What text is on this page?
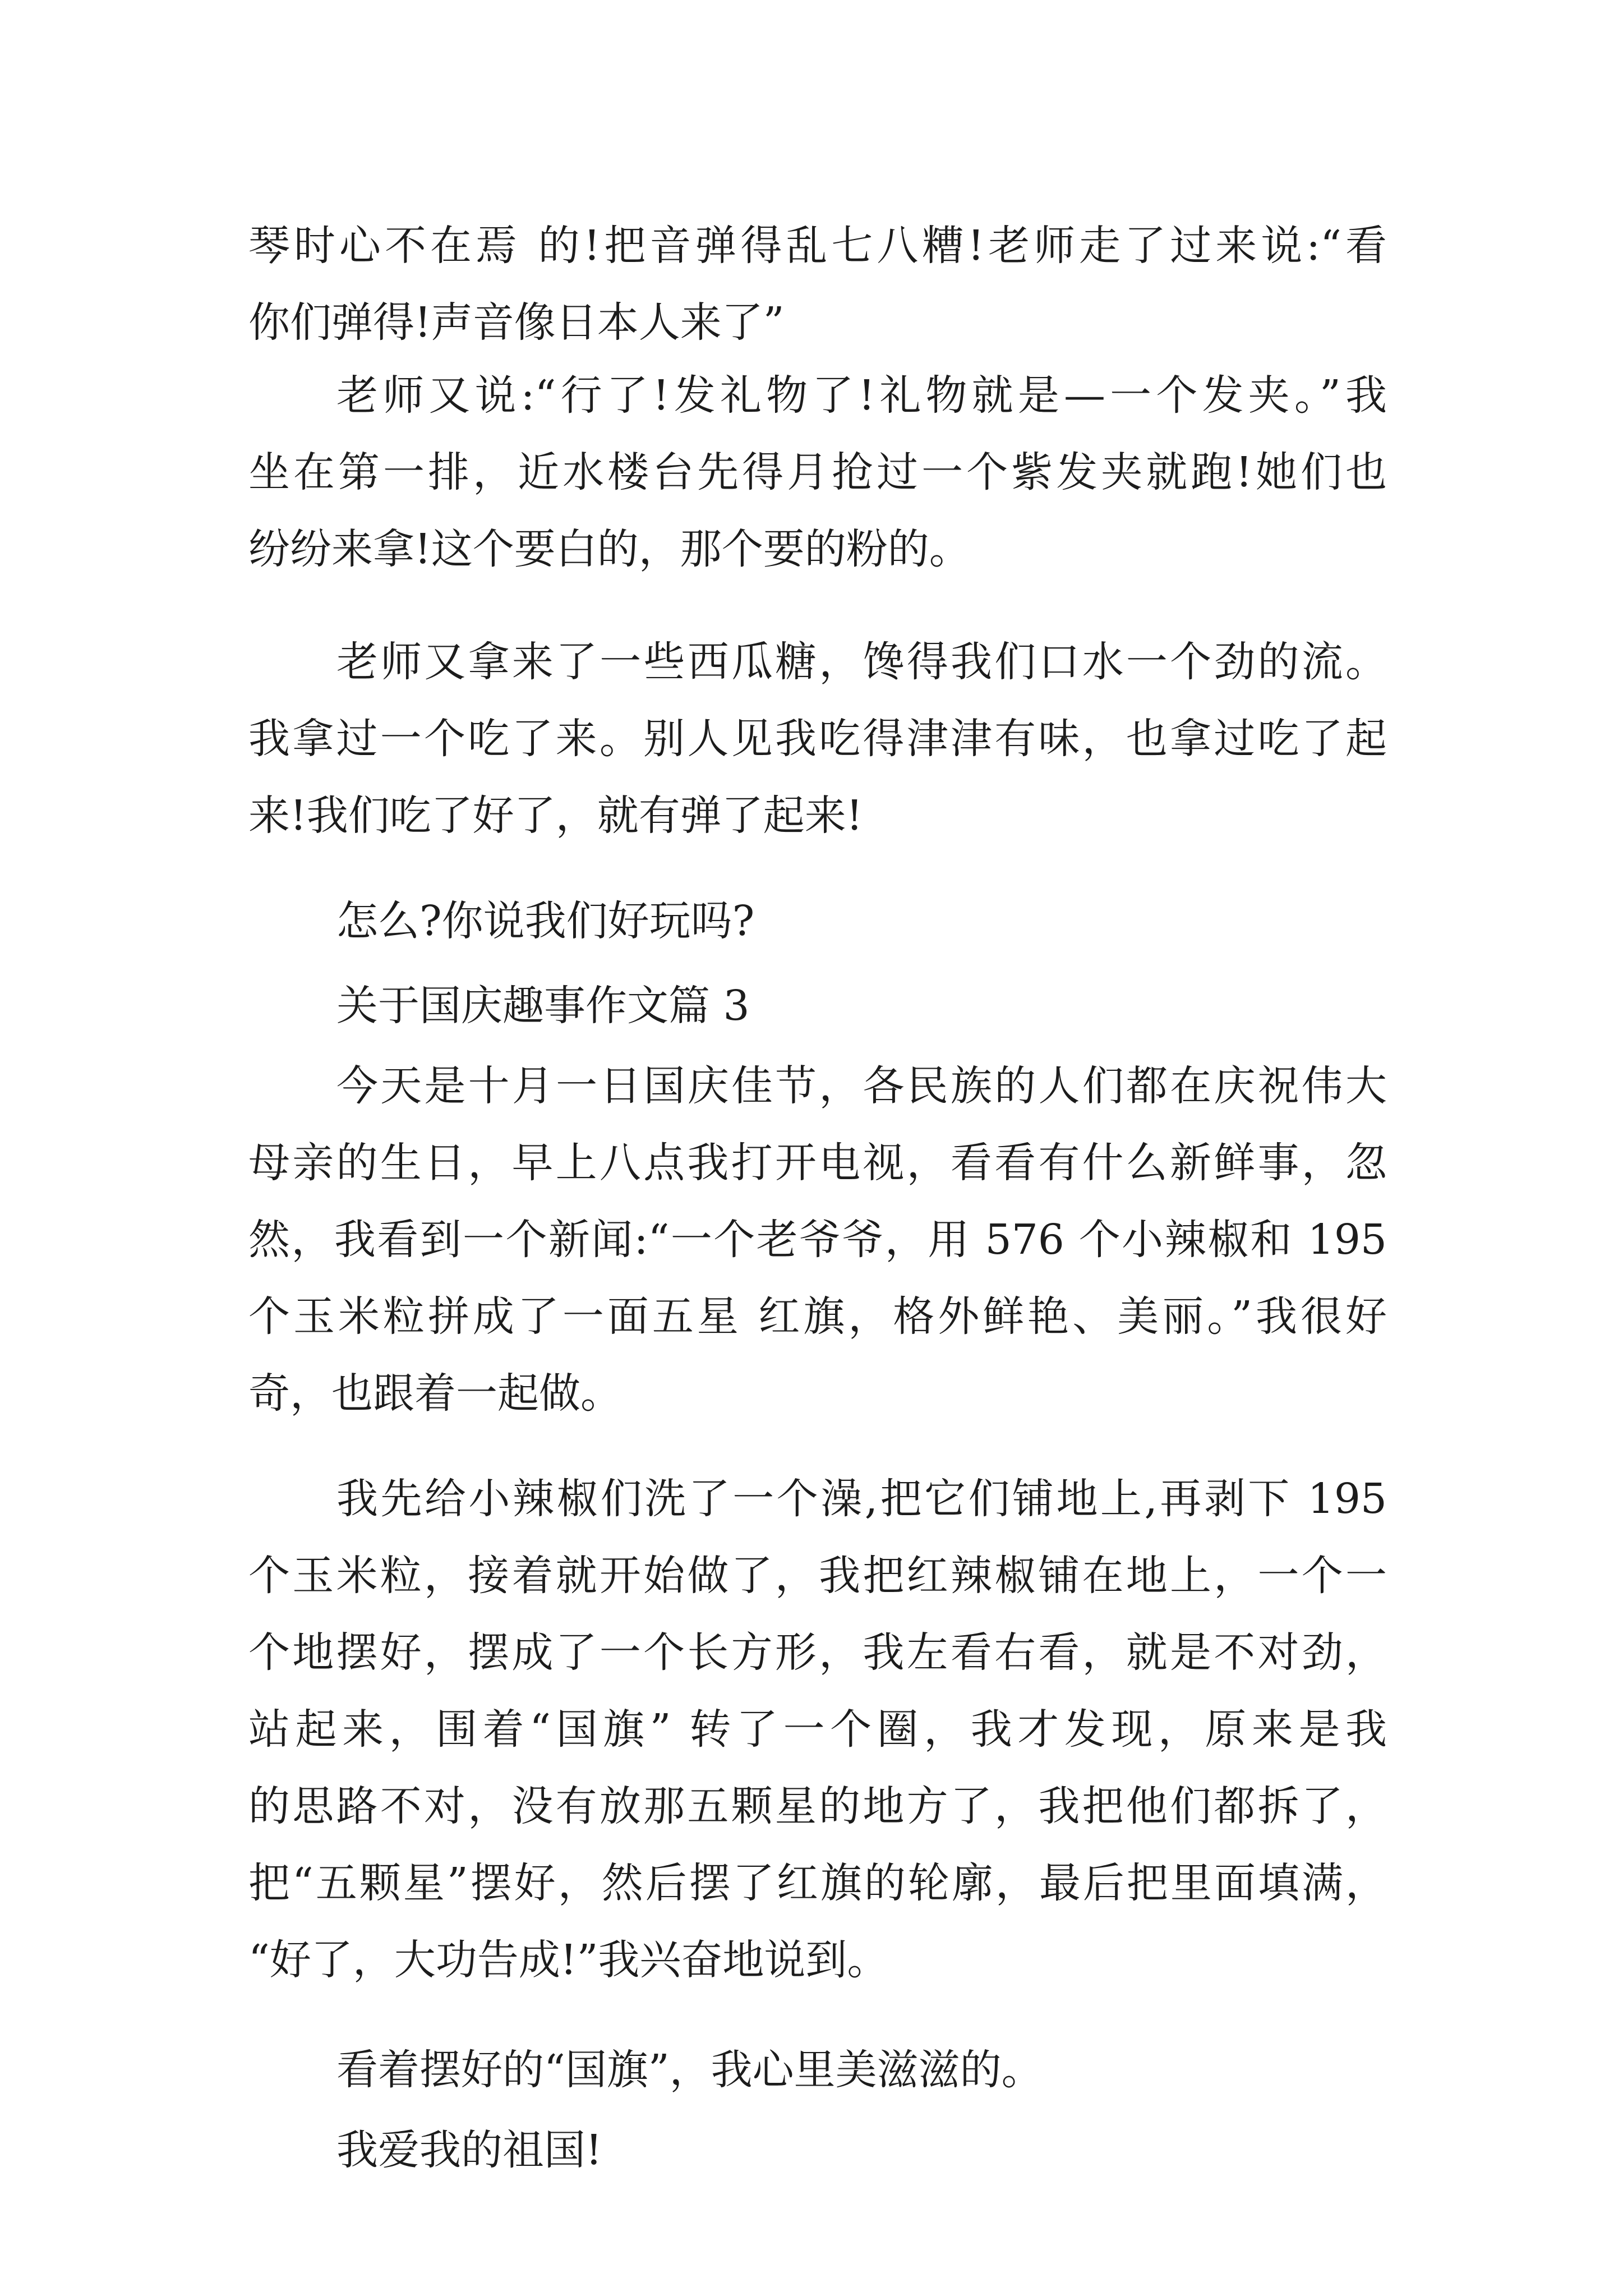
琴时心不在焉 的!把音弹得乱七八糟!老师走了过来说:“看
你们弹得!声音像日本人来了”
老师又说:“行了!发礼物了!礼物就是—一个发夹。”我
坐在第一排，近水楼台先得月抢过一个紫发夹就跑!她们也
纷纷来拿!这个要白的，那个要的粉的。
老师又拿来了一些西瓜糖，馋得我们口水一个劲的流。
我拿过一个吃了来。别人见我吃得津津有味，也拿过吃了起
来!我们吃了好了，就有弹了起来!
怎么?你说我们好玩吗?
关于国庆趣事作文篇 3
今天是十月一日国庆佳节，各民族的人们都在庆祝伟大
母亲的生日，早上八点我打开电视，看看有什么新鲜事，忽
然，我看到一个新闻:“一个老爷爷，用 576 个小辣椒和 195
个玉米粒拼成了一面五星 红旗，格外鲜艳、美丽。”我很好
奇，也跟着一起做。
我先给小辣椒们洗了一个澡,把它们铺地上,再剥下 195
个玉米粒，接着就开始做了，我把红辣椒铺在地上，一个一
个地摆好，摆成了一个长方形，我左看右看，就是不对劲，
站起来，围着“国旗” 转了一个圈，我才发现，原来是我
的思路不对，没有放那五颗星的地方了，我把他们都拆了，
把“五颗星”摆好，然后摆了红旗的轮廓，最后把里面填满，
“好了，大功告成!”我兴奋地说到。
看着摆好的“国旗”，我心里美滋滋的。
我爱我的祖国!
